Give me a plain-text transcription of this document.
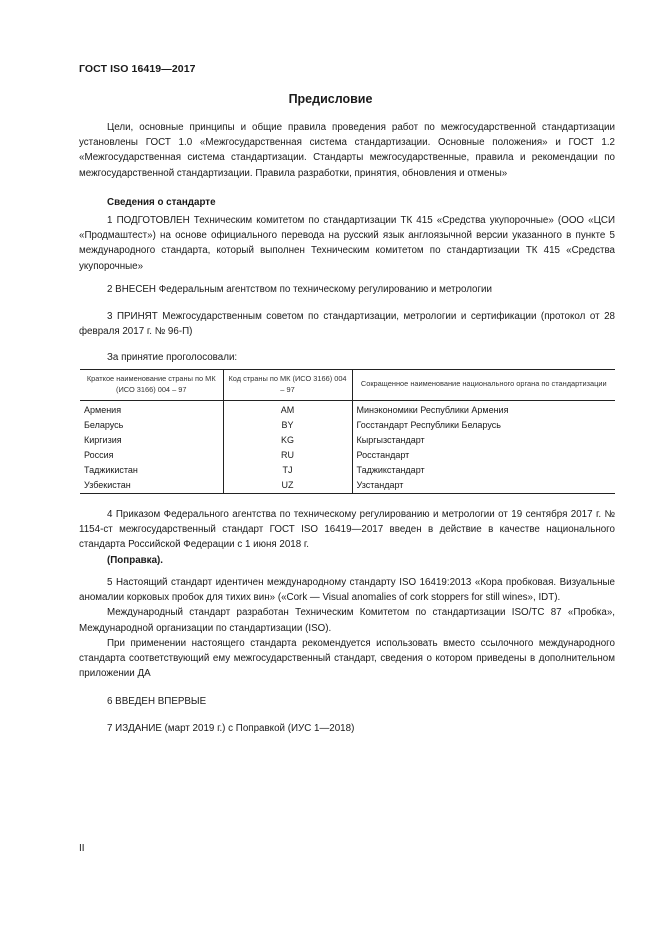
ГОСТ ISO 16419—2017
Предисловие

Цели, основные принципы и общие правила проведения работ по межгосударственной стандартизации установлены ГОСТ 1.0 «Межгосударственная система стандартизации. Основные положения» и ГОСТ 1.2 «Межгосударственная система стандартизации. Стандарты межгосударственные, правила и рекомендации по межгосударственной стандартизации. Правила разработки, принятия, обновления и отмены»

Сведения о стандарте

1 ПОДГОТОВЛЕН Техническим комитетом по стандартизации ТК 415 «Средства укупорочные» (ООО «ЦСИ «Продмаштест») на основе официального перевода на русский язык англоязычной версии указанного в пункте 5 международного стандарта, который выполнен Техническим комитетом по стандартизации ТК 415 «Средства укупорочные»

2 ВНЕСЕН Федеральным агентством по техническому регулированию и метрологии

3 ПРИНЯТ Межгосударственным советом по стандартизации, метрологии и сертификации (протокол от 28 февраля 2017 г. № 96-П)

За принятие проголосовали:

Краткое наименование страны по МК (ИСО 3166) 004 – 97	Код страны по МК (ИСО 3166) 004 – 97	Сокращенное наименование национального органа по стандартизации
Армения	AM	Минэкономики Республики Армения
Беларусь	BY	Госстандарт Республики Беларусь
Киргизия	KG	Кыргызстандарт
Россия	RU	Росстандарт
Таджикистан	TJ	Таджикстандарт
Узбекистан	UZ	Узстандарт

4 Приказом Федерального агентства по техническому регулированию и метрологии от 19 сентября 2017 г. № 1154-ст межгосударственный стандарт ГОСТ ISO 16419—2017 введен в действие в качестве национального стандарта Российской Федерации с 1 июня 2018 г.

(Поправка).

5 Настоящий стандарт идентичен международному стандарту ISO 16419:2013 «Кора пробковая. Визуальные аномалии корковых пробок для тихих вин» («Cork — Visual anomalies of cork stoppers for still wines», IDT).

Международный стандарт разработан Техническим Комитетом по стандартизации ISO/TC 87 «Пробка», Международной организации по стандартизации (ISO).

При применении настоящего стандарта рекомендуется использовать вместо ссылочного международного стандарта соответствующий ему межгосударственный стандарт, сведения о котором приведены в дополнительном приложении ДА

6 ВВЕДЕН ВПЕРВЫЕ

7 ИЗДАНИЕ (март 2019 г.) с Поправкой (ИУС 1—2018)

II
